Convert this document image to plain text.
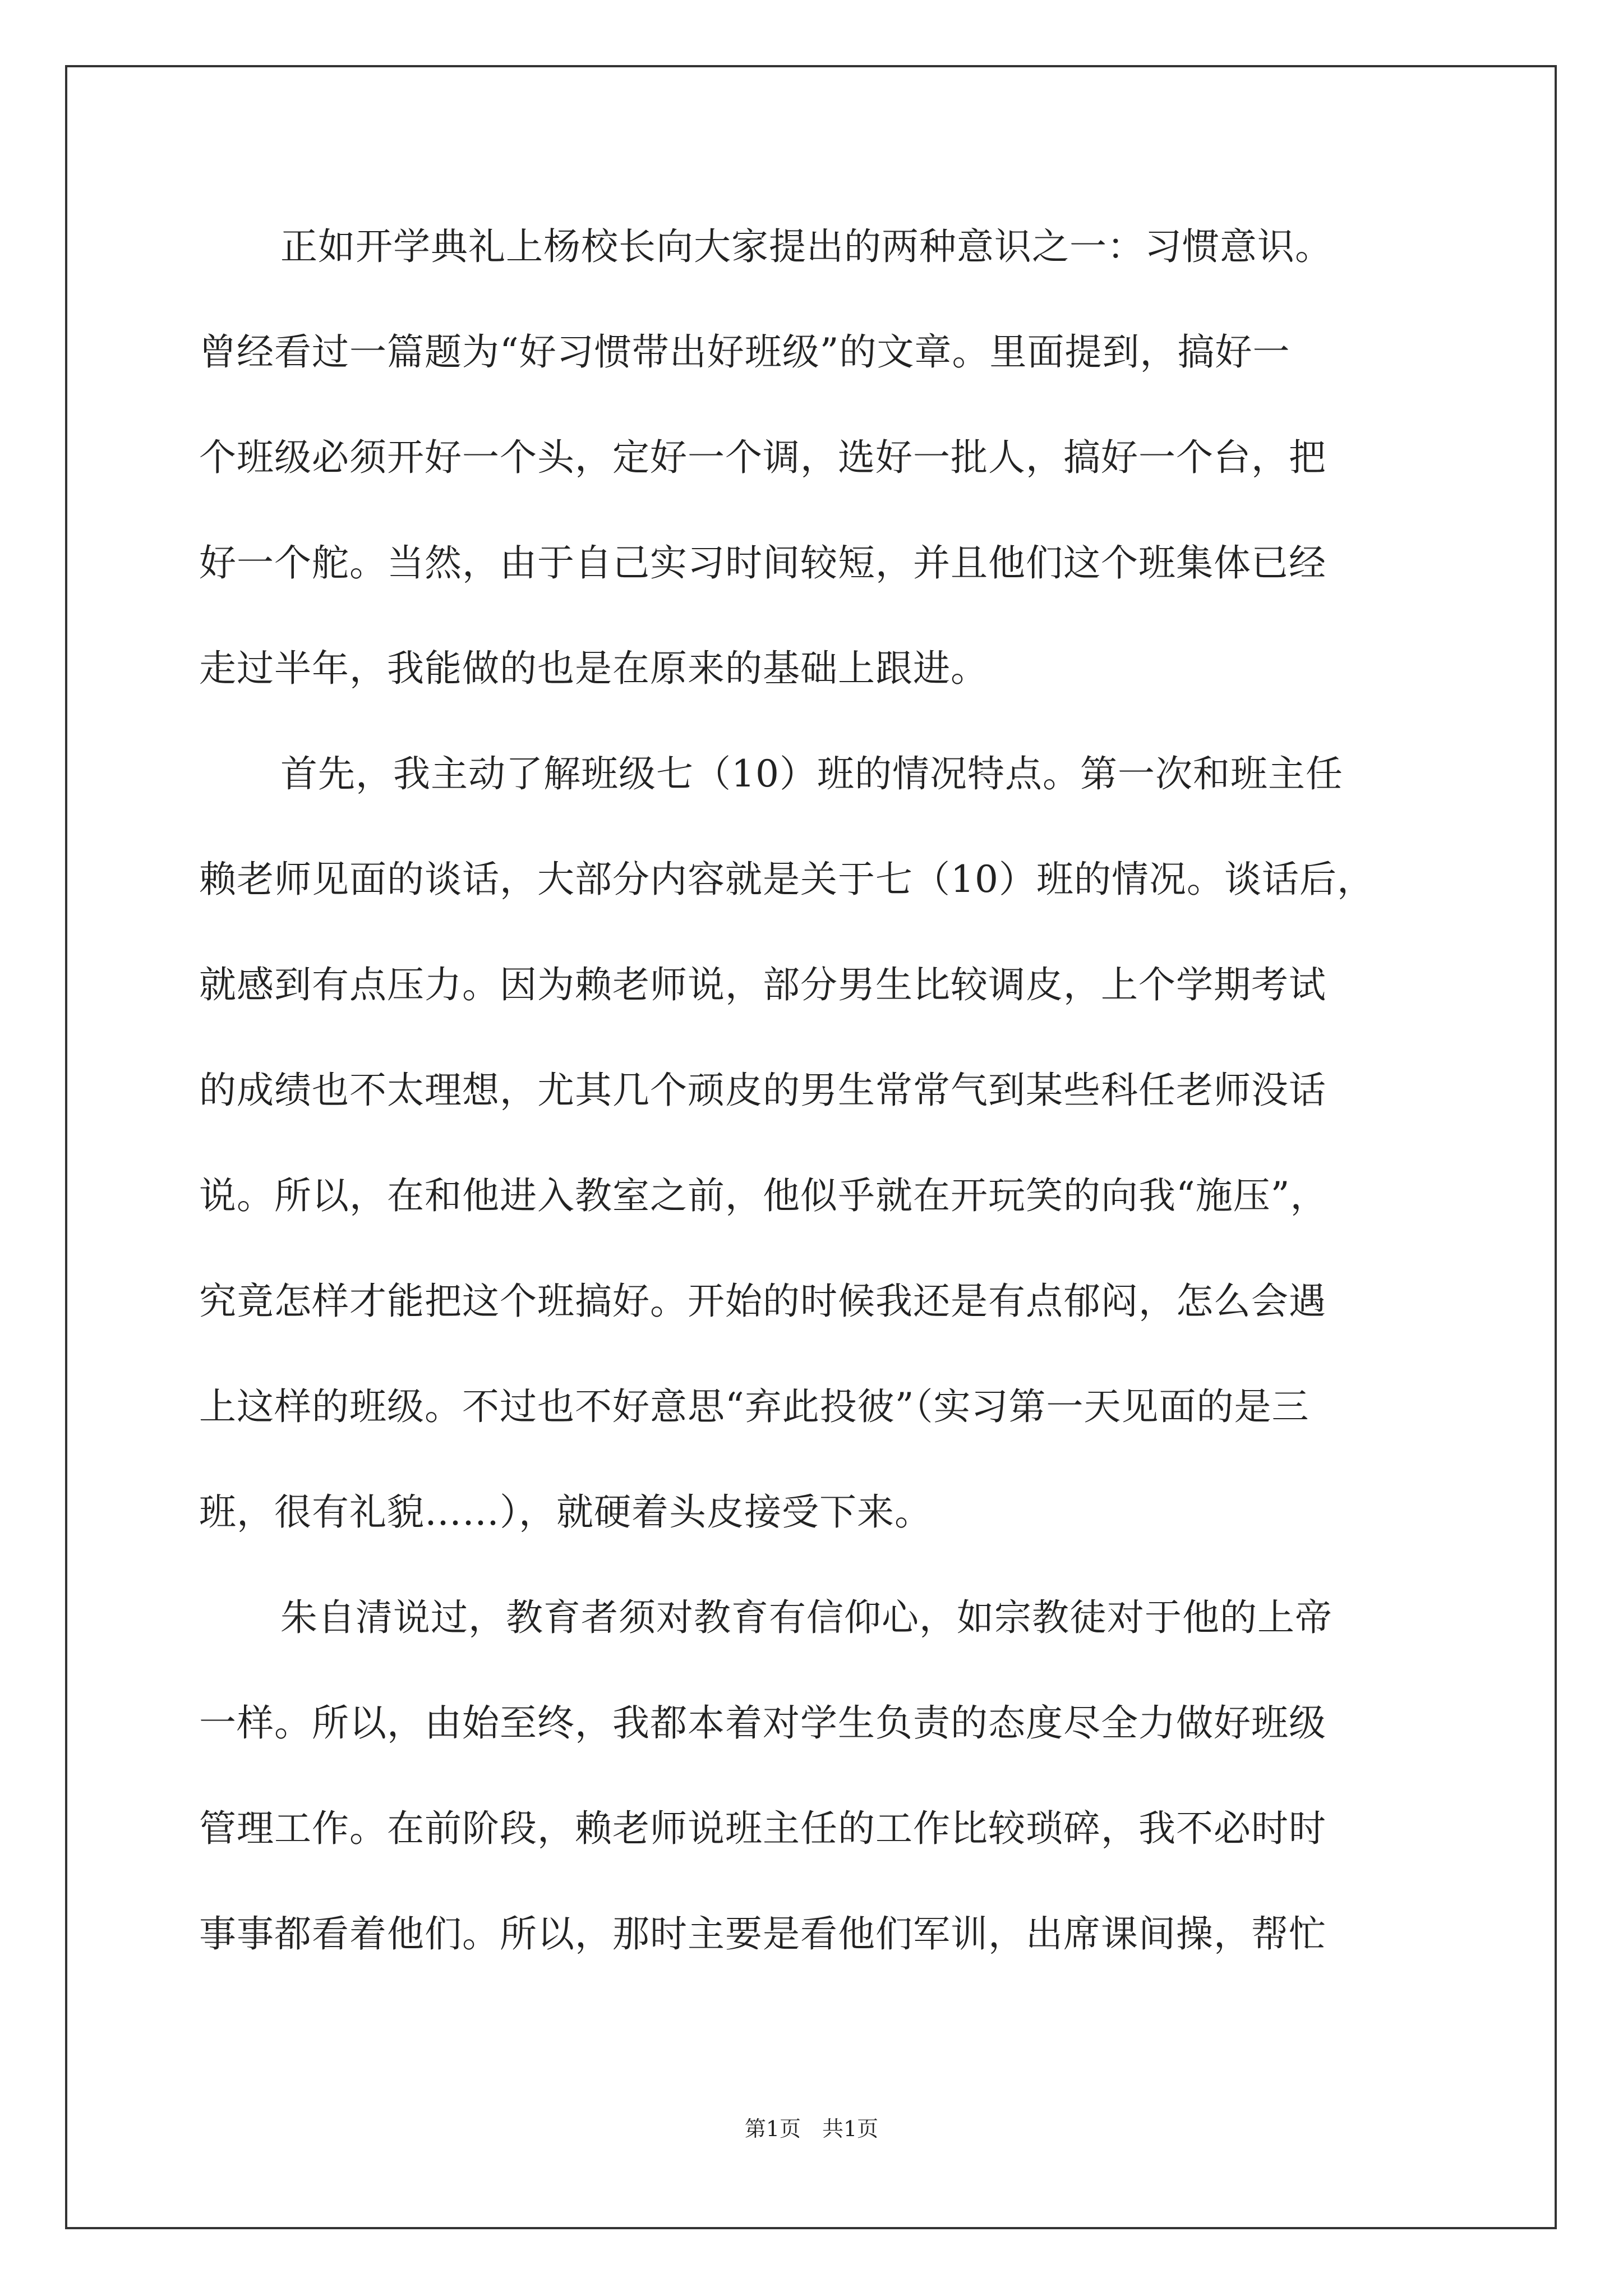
正如开学典礼上杨校长向大家提出的两种意识之一：习惯意识。
曾经看过一篇题为“好习惯带出好班级”的文章。里面提到，搞好一
个班级必须开好一个头，定好一个调，选好一批人，搞好一个台，把
好一个舵。当然，由于自己实习时间较短，并且他们这个班集体已经
走过半年，我能做的也是在原来的基础上跟进。
首先，我主动了解班级七（10）班的情况特点。第一次和班主任
赖老师见面的谈话，大部分内容就是关于七（10）班的情况。谈话后，
就感到有点压力。因为赖老师说，部分男生比较调皮，上个学期考试
的成绩也不太理想，尤其几个顽皮的男生常常气到某些科任老师没话
说。所以，在和他进入教室之前，他似乎就在开玩笑的向我“施压”，
究竟怎样才能把这个班搞好。开始的时候我还是有点郁闷，怎么会遇
上这样的班级。不过也不好意思“弃此投彼”（实习第一天见面的是三
班，很有礼貌……），就硬着头皮接受下来。
朱自清说过，教育者须对教育有信仰心，如宗教徒对于他的上帝
一样。所以，由始至终，我都本着对学生负责的态度尽全力做好班级
管理工作。在前阶段，赖老师说班主任的工作比较琐碎，我不必时时
事事都看着他们。所以，那时主要是看他们军训，出席课间操，帮忙
第1页　共1页
